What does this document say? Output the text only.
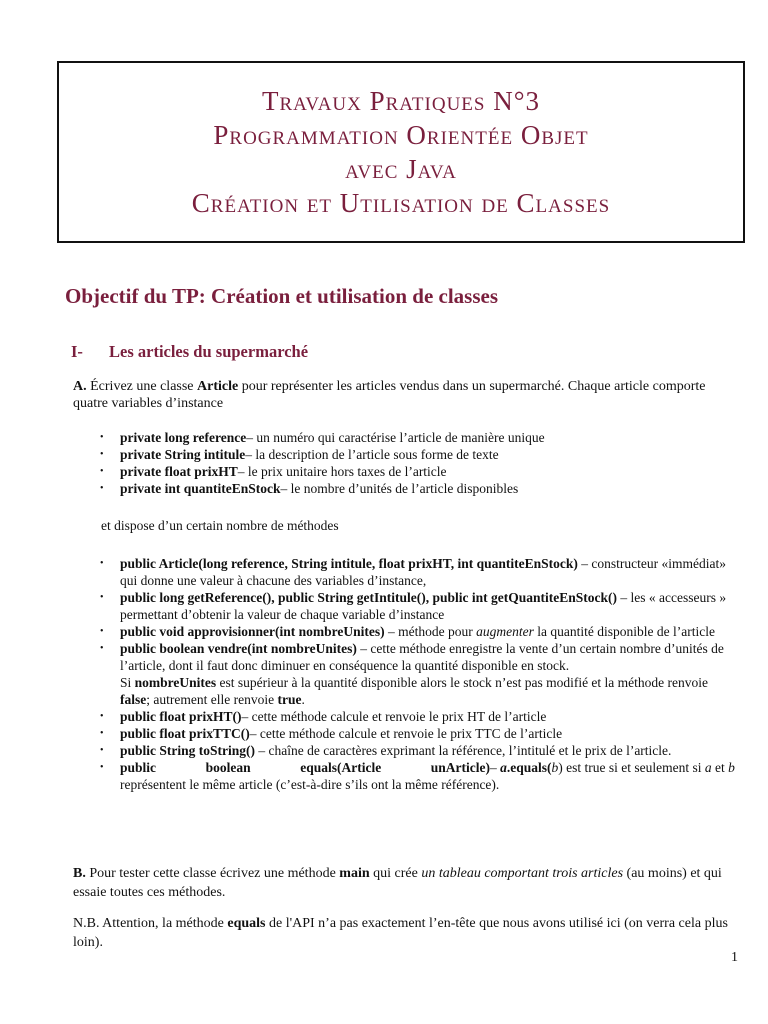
Travaux Pratiques N°3
Programmation Orientée Objet
avec Java
Création et Utilisation de Classes
Objectif du TP: Création et utilisation de classes
I- Les articles du supermarché
A. Écrivez une classe Article pour représenter les articles vendus dans un supermarché. Chaque article comporte quatre variables d’instance
• private long reference– un numéro qui caractérise l’article de manière unique
• private String intitule– la description de l’article sous forme de texte
• private float prixHT– le prix unitaire hors taxes de l’article
• private int quantiteEnStock– le nombre d’unités de l’article disponibles
et dispose d’un certain nombre de méthodes
• public Article(long reference, String intitule, float prixHT, int quantiteEnStock) – constructeur «immédiat» qui donne une valeur à chacune des variables d’instance,
• public long getReference(), public String getIntitule(), public int getQuantiteEnStock() – les « accesseurs » permettant d’obtenir la valeur de chaque variable d’instance
• public void approvisionner(int nombreUnites) – méthode pour augmenter la quantité disponible de l’article
• public boolean vendre(int nombreUnites) – cette méthode enregistre la vente d’un certain nombre d’unités de l’article, dont il faut donc diminuer en conséquence la quantité disponible en stock.
Si nombreUnites est supérieur à la quantité disponible alors le stock n’est pas modifié et la méthode renvoie false; autrement elle renvoie true.
• public float prixHT()– cette méthode calcule et renvoie le prix HT de l’article
• public float prixTTC()– cette méthode calcule et renvoie le prix TTC de l’article
• public String toString() – chaîne de caractères exprimant la référence, l’intitulé et le prix de l’article.
• public	boolean	equals(Article	unArticle) – a.equals(b) est true si et seulement si a et b représentent le même article (c’est-à-dire s’ils ont la même référence).
B. Pour tester cette classe écrivez une méthode main qui crée un tableau comportant trois articles (au moins) et qui essaie toutes ces méthodes.
N.B. Attention, la méthode equals de l'API n’a pas exactement l’en-tête que nous avons utilisé ici (on verra cela plus loin).
1
